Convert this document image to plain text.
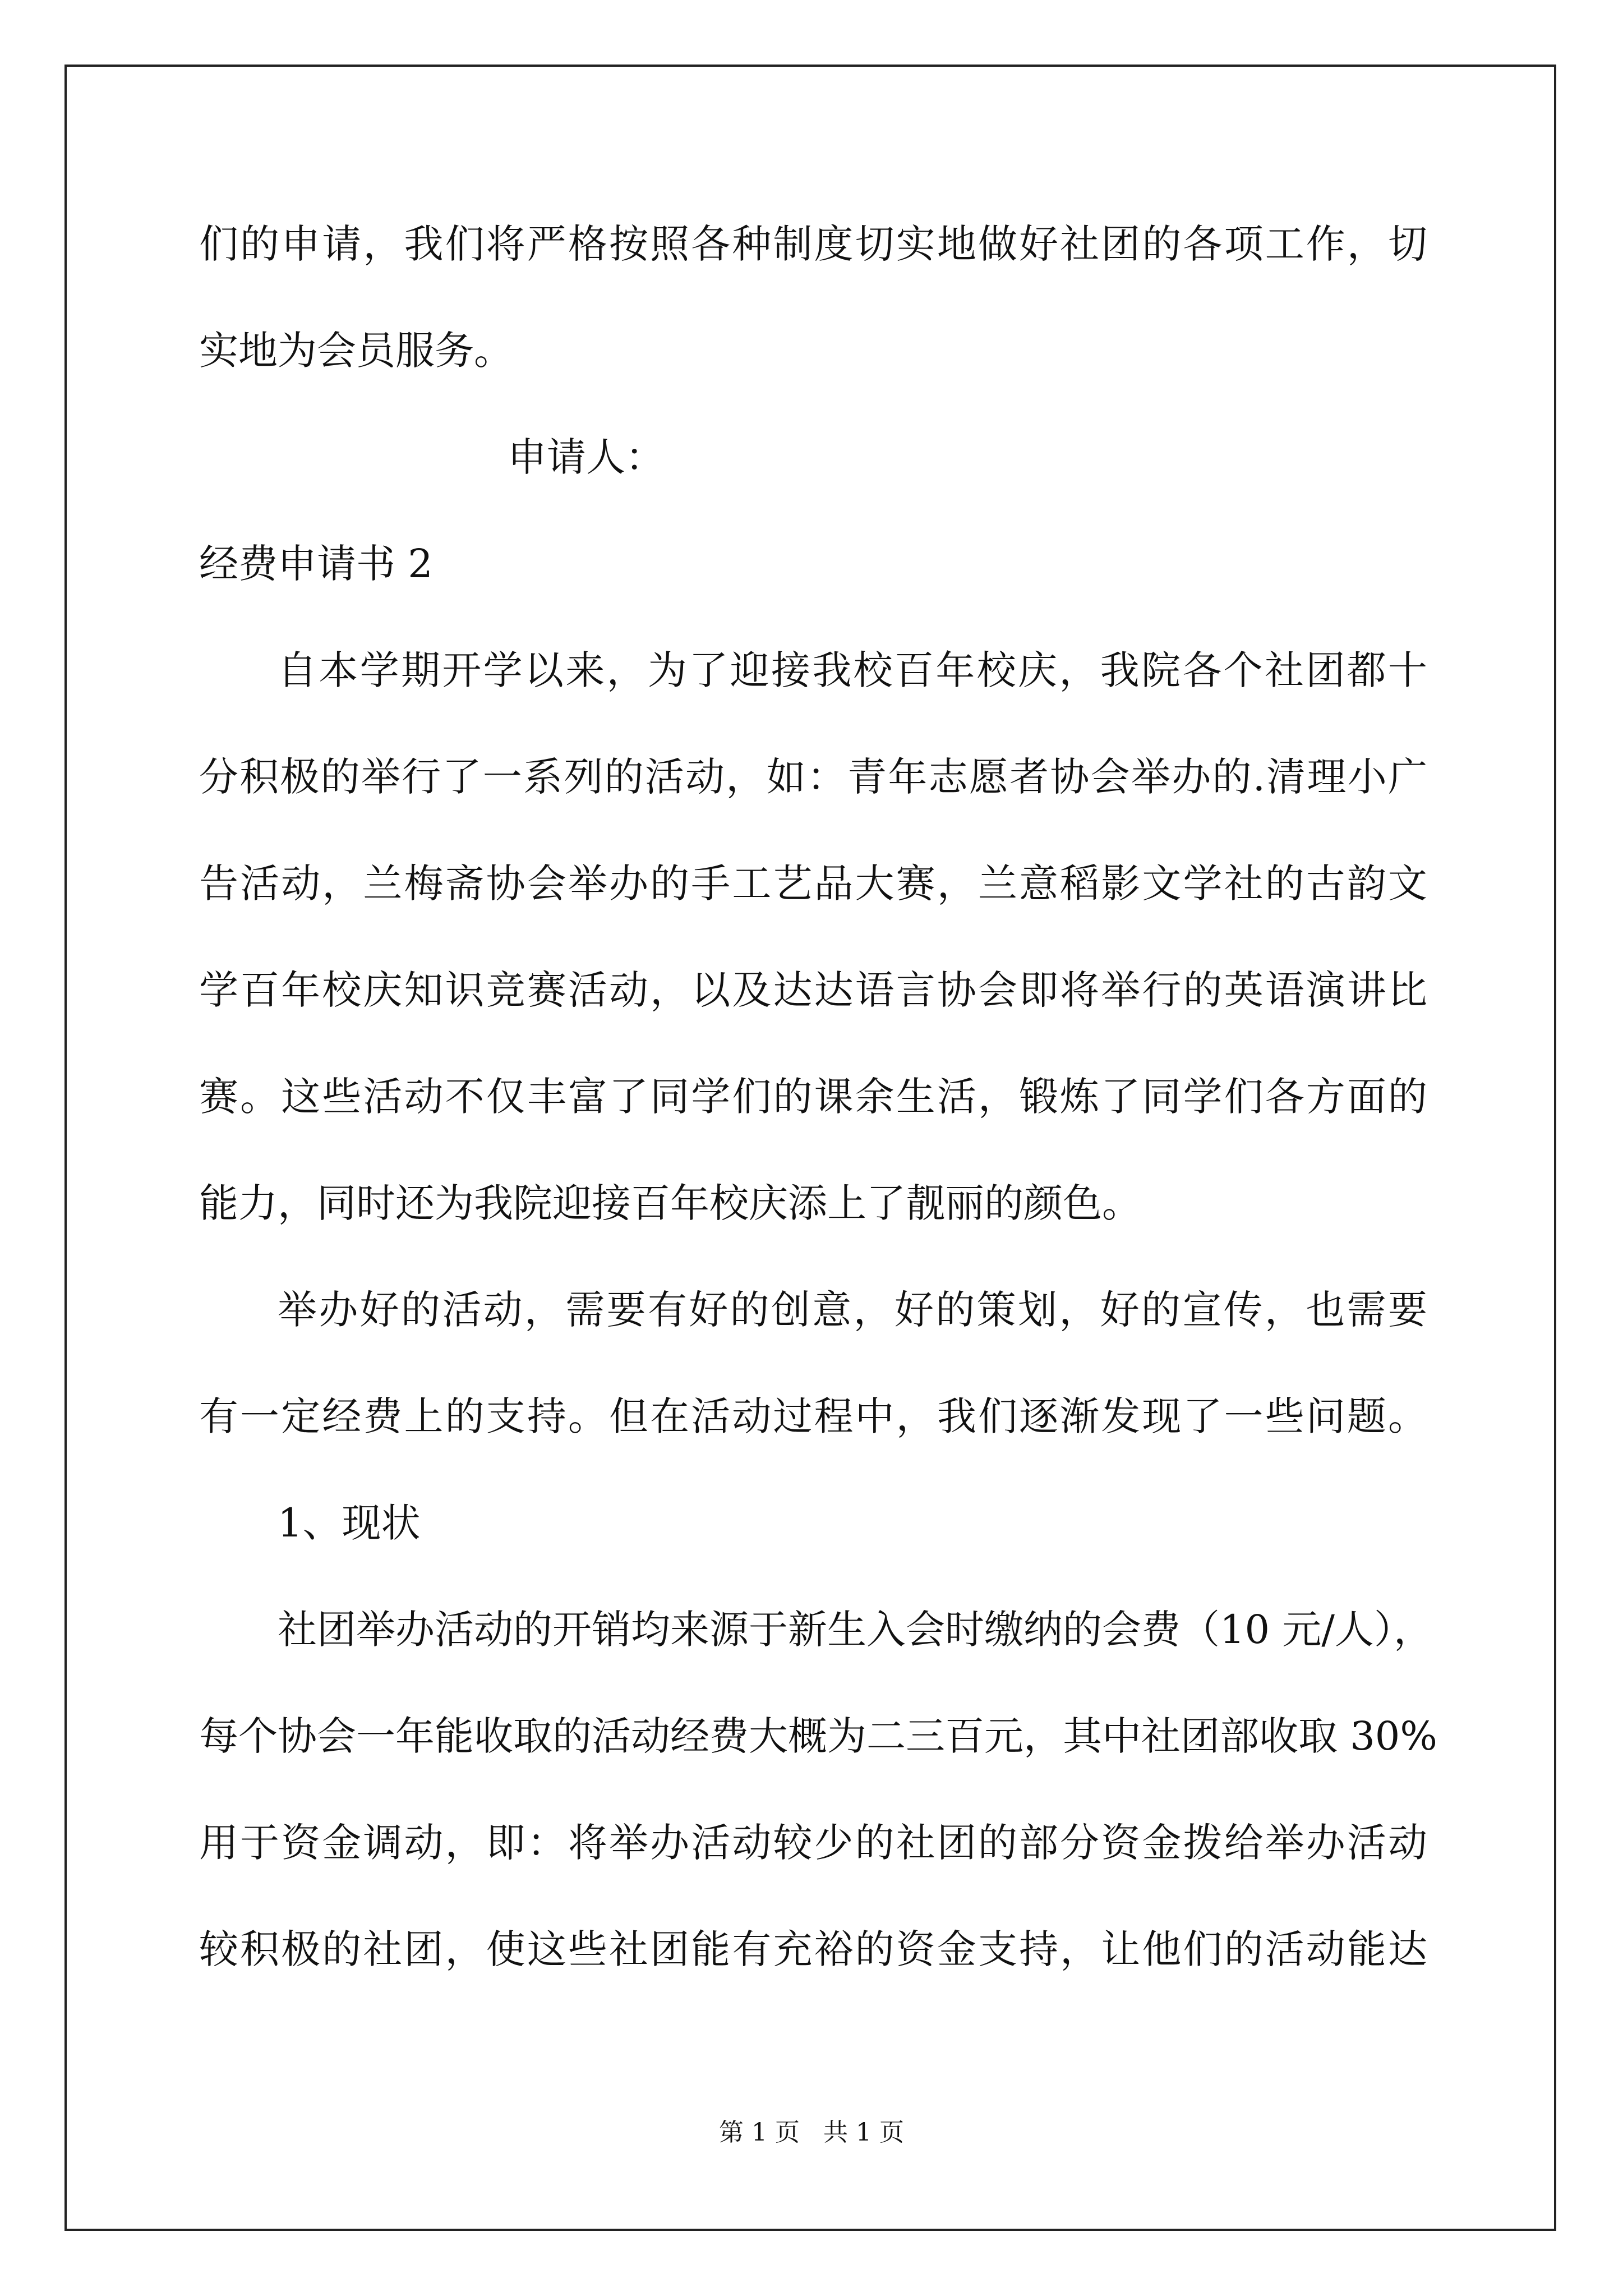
们的申请，我们将严格按照各种制度切实地做好社团的各项工作，切
实地为会员服务。
申请人：
经费申请书 2
自本学期开学以来，为了迎接我校百年校庆，我院各个社团都十
分积极的举行了一系列的活动，如：青年志愿者协会举办的.清理小广
告活动，兰梅斋协会举办的手工艺品大赛，兰意稻影文学社的古韵文
学百年校庆知识竞赛活动，以及达达语言协会即将举行的英语演讲比
赛。这些活动不仅丰富了同学们的课余生活，锻炼了同学们各方面的
能力，同时还为我院迎接百年校庆添上了靓丽的颜色。
举办好的活动，需要有好的创意，好的策划，好的宣传，也需要
有一定经费上的支持。但在活动过程中，我们逐渐发现了一些问题。
1、现状
社团举办活动的开销均来源于新生入会时缴纳的会费（10 元/人），
每个协会一年能收取的活动经费大概为二三百元，其中社团部收取 30%
用于资金调动，即：将举办活动较少的社团的部分资金拨给举办活动
较积极的社团，使这些社团能有充裕的资金支持，让他们的活动能达
第 1 页   共 1 页
